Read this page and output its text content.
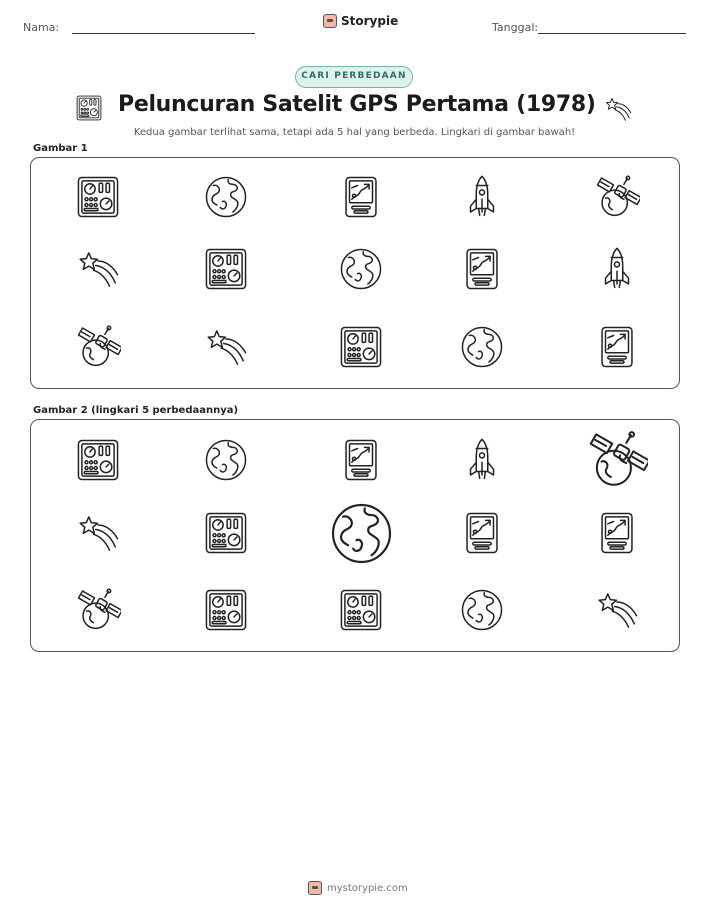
Nama:	Storypie	Tanggal:
CARI PERBEDAAN
Peluncuran Satelit GPS Pertama (1978)
Kedua gambar terlihat sama, tetapi ada 5 hal yang berbeda. Lingkari di gambar bawah!
Gambar 1
Gambar 2 (lingkari 5 perbedaannya)
mystorypie.com
